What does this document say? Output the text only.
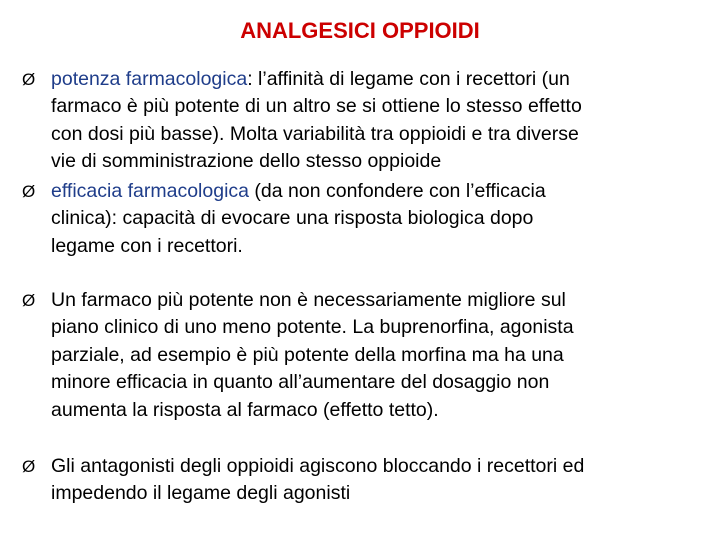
ANALGESICI OPPIOIDI
Ø potenza farmacologica: l’affinità di legame con i recettori (un
farmaco è più potente di un altro se si ottiene lo stesso effetto
con dosi più basse). Molta variabilità tra oppioidi e tra diverse
vie di somministrazione dello stesso oppioide
Ø efficacia farmacologica (da non confondere con l’efficacia
clinica): capacità di evocare una risposta biologica dopo
legame con i recettori.
Ø Un farmaco più potente non è necessariamente migliore sul
piano clinico di uno meno potente. La buprenorfina, agonista
parziale, ad esempio è più potente della morfina ma ha una
minore efficacia in quanto all’aumentare del dosaggio non
aumenta la risposta al farmaco (effetto tetto).
Ø Gli antagonisti degli oppioidi agiscono bloccando i recettori ed
impedendo il legame degli agonisti
